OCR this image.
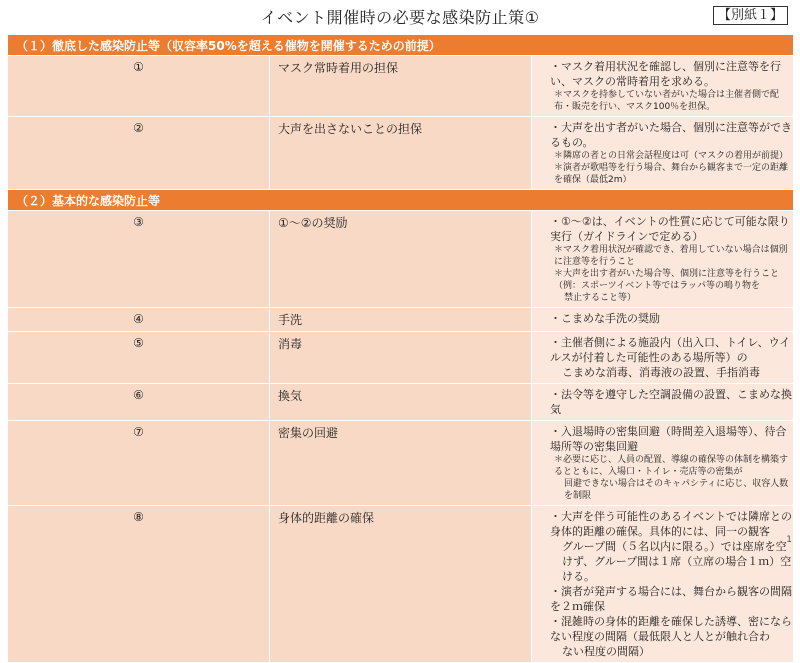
イベント開催時の必要な感染防止策①	【別紙１】
（１）徹底した感染防止等（収容率50%を超える催物を開催するための前提）		
①	マスク常時着用の担保	・マスク着用状況を確認し、個別に注意等を行い、マスクの常時着用を求める。
＊マスクを持参していない者がいた場合は主催者側で配布・販売を行い、マスク100％を担保。

②	大声を出さないことの担保	・大声を出す者がいた場合、個別に注意等ができるもの。
＊隣席の者との日常会話程度は可（マスクの着用が前提）
＊演者が歌唱等を行う場合、舞台から観客まで一定の距離を確保（最低2m）

（２）基本的な感染防止等		
③	①～②の奨励	・①～②は、イベントの性質に応じて可能な限り実行（ガイドラインで定める）
＊マスク着用状況が確認でき、着用していない場合は個別に注意等を行うこと
＊大声を出す者がいた場合等、個別に注意等を行うこと（例：スポーツイベント等ではラッパ等の鳴り物を
禁止すること等）

④	手洗	・こまめな手洗の奨励

⑤	消毒	・主催者側による施設内（出入口、トイレ、ウイルスが付着した可能性のある場所等）の
こまめな消毒、消毒液の設置、手指消毒

⑥	換気	・法令等を遵守した空調設備の設置、こまめな換気

⑦	密集の回避	・入退場時の密集回避（時間差入退場等）、待合場所等の密集回避
＊必要に応じ、人員の配置、導線の確保等の体制を構築するとともに、入場口・トイレ・売店等の密集が
回避できない場合はそのキャパシティに応じ、収容人数を制限

⑧	身体的距離の確保	・大声を伴う可能性のあるイベントでは隣席との身体的距離の確保。具体的には、同一の観客
グループ間（５名以内に限る。）では座席を空けず、グループ間は１席（立席の場合１ｍ）空ける。
・演者が発声する場合には、舞台から観客の間隔を２ｍ確保
・混雑時の身体的距離を確保した誘導、密にならない程度の間隔（最低限人と人とが触れ合わ
ない程度の間隔）
1
